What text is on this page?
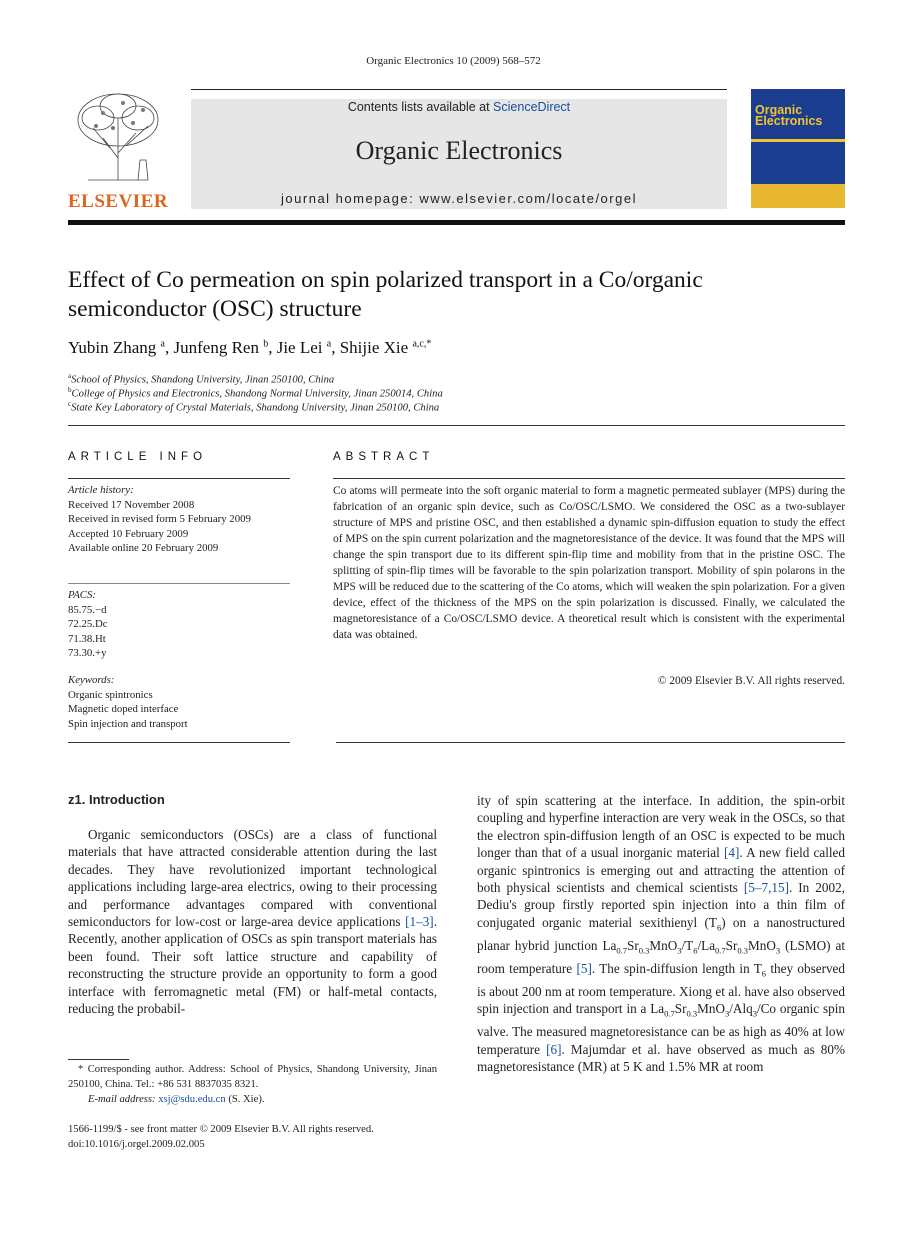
Organic Electronics 10 (2009) 568–572
ELSEVIER
Contents lists available at ScienceDirect
Organic Electronics
journal homepage: www.elsevier.com/locate/orgel
Organic
Electronics
Effect of Co permeation on spin polarized transport in a Co/organic
semiconductor (OSC) structure
Yubin Zhang $^a$, Junfeng Ren $^b$, Jie Lei $^a$, Shijie Xie $^{a,c,*}$
$^a$School of Physics, Shandong University, Jinan 250100, China
$^b$College of Physics and Electronics, Shandong Normal University, Jinan 250014, China
$^c$State Key Laboratory of Crystal Materials, Shandong University, Jinan 250100, China
ARTICLE INFO
Article history:
Received 17 November 2008
Received in revised form 5 February 2009
Accepted 10 February 2009
Available online 20 February 2009
PACS:
85.75.−d
72.25.Dc
71.38.Ht
73.30.+y
Keywords:
Organic spintronics
Magnetic doped interface
Spin injection and transport
ABSTRACT
Co atoms will permeate into the soft organic material to form a magnetic permeated sublayer (MPS) during the fabrication of an organic spin device, such as Co/OSC/LSMO. We considered the OSC as a two-sublayer structure of MPS and pristine OSC, and then established a dynamic spin-diffusion equation to study the effect of MPS on the spin current polarization and the magnetoresistance of the device. It was found that the MPS will change the spin transport due to its different spin-flip time and mobility from that in the pristine OSC. The splitting of spin-flip times will be favorable to the spin polarization transport. Mobility of spin polarons in the MPS will be reduced due to the scattering of the Co atoms, which will weaken the spin polarization. For a given device, effect of the thickness of the MPS on the spin polarization is discussed. Finally, we calculated the magnetoresistance of a Co/OSC/LSMO device. A theoretical result which is consistent with the experimental data was obtained.
© 2009 Elsevier B.V. All rights reserved.
z1. Introduction
Organic semiconductors (OSCs) are a class of functional materials that have attracted considerable attention during the last decades. They have revolutionized important technological applications including large-area electrics, owing to their processing and performance advantages compared with conventional semiconductors for low-cost or large-area device applications [1–3]. Recently, another application of OSCs as spin transport materials has been found. Their soft lattice structure and capability of reconstructing the structure provide an opportunity to form a good interface with ferromagnetic metal (FM) or half-metal contacts, reducing the probabil-
ity of spin scattering at the interface. In addition, the spin-orbit coupling and hyperfine interaction are very weak in the OSCs, so that the electron spin-diffusion length of an OSC is expected to be much longer than that of a usual inorganic material [4]. A new field called organic spintronics is emerging out and attracting the attention of both physical scientists and chemical scientists [5–7,15]. In 2002, Dediu's group firstly reported spin injection into a thin film of conjugated organic material sexithienyl $(T_6)$ on a nanostructured planar hybrid junction $La_{0.7}Sr_{0.3}MnO_3/T_6/La_{0.7}Sr_{0.3}MnO_3$ (LSMO) at room temperature [5]. The spin-diffusion length in $T_6$ they observed is about 200 nm at room temperature. Xiong et al. have also observed spin injection and transport in a $La_{0.7}Sr_{0.3}MnO_3/Alq_3/Co$ organic spin valve. The measured magnetoresistance can be as high as 40% at low temperature [6]. Majumdar et al. have observed as much as 80% magnetoresistance (MR) at 5 K and 1.5% MR at room
* Corresponding author. Address: School of Physics, Shandong University, Jinan 250100, China. Tel.: +86 531 8837035 8321.
E-mail address: xsj@sdu.edu.cn (S. Xie).
1566-1199/$ - see front matter © 2009 Elsevier B.V. All rights reserved.
doi:10.1016/j.orgel.2009.02.005
